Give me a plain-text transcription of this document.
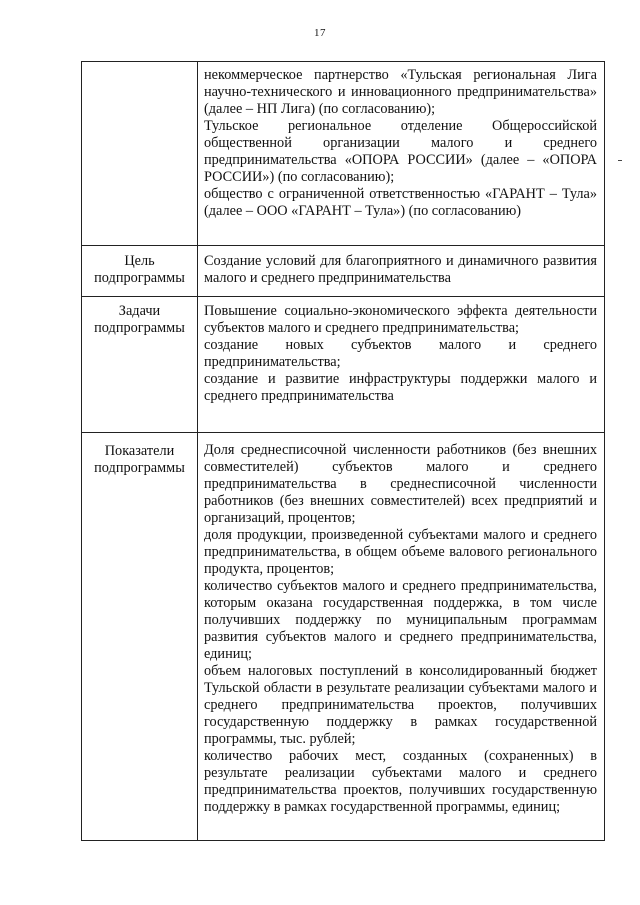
17

	некоммерческое партнерство «Тульская региональная Лига научно-технического и инновационного предпринимательства» (далее – НП Лига) (по согласованию);

Тульское региональное отделение Общероссийской общественной организации малого и среднего предпринимательства «ОПОРА РОССИИ» (далее – «ОПОРА РОССИИ») (по согласованию);

общество с ограниченной ответственностью «ГАРАНТ – Тула» (далее – ООО «ГАРАНТ – Тула») (по согласованию)

Цель подпрограммы	Создание условий для благоприятного и динамичного развития малого и среднего предпринимательства

Задачи подпрограммы	Повышение социально-экономического эффекта деятельности субъектов малого и среднего предпринимательства;

создание новых субъектов малого и среднего предпринимательства;

создание и развитие инфраструктуры поддержки малого и среднего предпринимательства

Показатели подпрограммы	Доля среднесписочной численности работников (без внешних совместителей) субъектов малого и среднего предпринимательства в среднесписочной численности работников (без внешних совместителей) всех предприятий и организаций, процентов;

доля продукции, произведенной субъектами малого и среднего предпринимательства, в общем объеме валового регионального продукта, процентов;

количество субъектов малого и среднего предпринимательства, которым оказана государственная поддержка, в том числе получивших поддержку по муниципальным программам развития субъектов малого и среднего предпринимательства, единиц;

объем налоговых поступлений в консолидированный бюджет Тульской области в результате реализации субъектами малого и среднего предпринимательства проектов, получивших государственную поддержку в рамках государственной программы, тыс. рублей;

количество рабочих мест, созданных (сохраненных) в результате реализации субъектами малого и среднего предпринимательства проектов, получивших государственную поддержку в рамках государственной программы, единиц;
